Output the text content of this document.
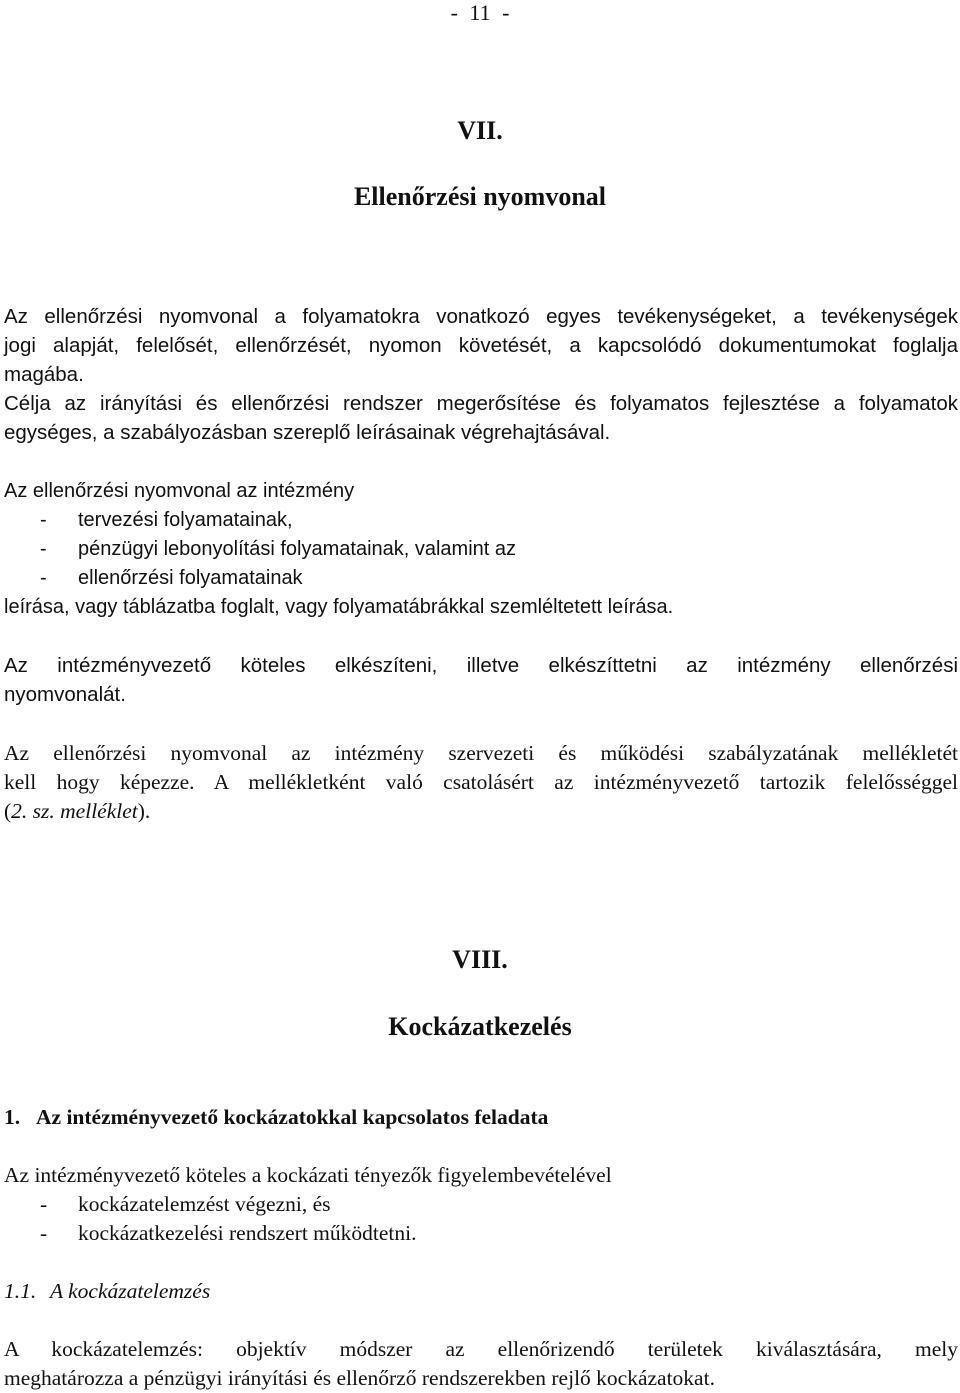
- 11 -
VII.
Ellenőrzési nyomvonal
Az ellenőrzési nyomvonal a folyamatokra vonatkozó egyes tevékenységeket, a tevékenységek
jogi alapját, felelősét, ellenőrzését, nyomon követését, a kapcsolódó dokumentumokat foglalja
magába.
Célja az irányítási és ellenőrzési rendszer megerősítése és folyamatos fejlesztése a folyamatok
egységes, a szabályozásban szereplő leírásainak végrehajtásával.
Az ellenőrzési nyomvonal az intézmény
- tervezési folyamatainak,
- pénzügyi lebonyolítási folyamatainak, valamint az
- ellenőrzési folyamatainak
leírása, vagy táblázatba foglalt, vagy folyamatábrákkal szemléltetett leírása.
Az intézményvezető köteles elkészíteni, illetve elkészíttetni az intézmény ellenőrzési
nyomvonalát.
Az ellenőrzési nyomvonal az intézmény szervezeti és működési szabályzatának mellékletét
kell hogy képezze. A mellékletként való csatolásért az intézményvezető tartozik felelősséggel
(2. sz. melléklet).
VIII.
Kockázatkezelés
1. Az intézményvezető kockázatokkal kapcsolatos feladata
Az intézményvezető köteles a kockázati tényezők figyelembevételével
- kockázatelemzést végezni, és
- kockázatkezelési rendszert működtetni.
1.1. A kockázatelemzés
A kockázatelemzés: objektív módszer az ellenőrizendő területek kiválasztására, mely
meghatározza a pénzügyi irányítási és ellenőrző rendszerekben rejlő kockázatokat.
